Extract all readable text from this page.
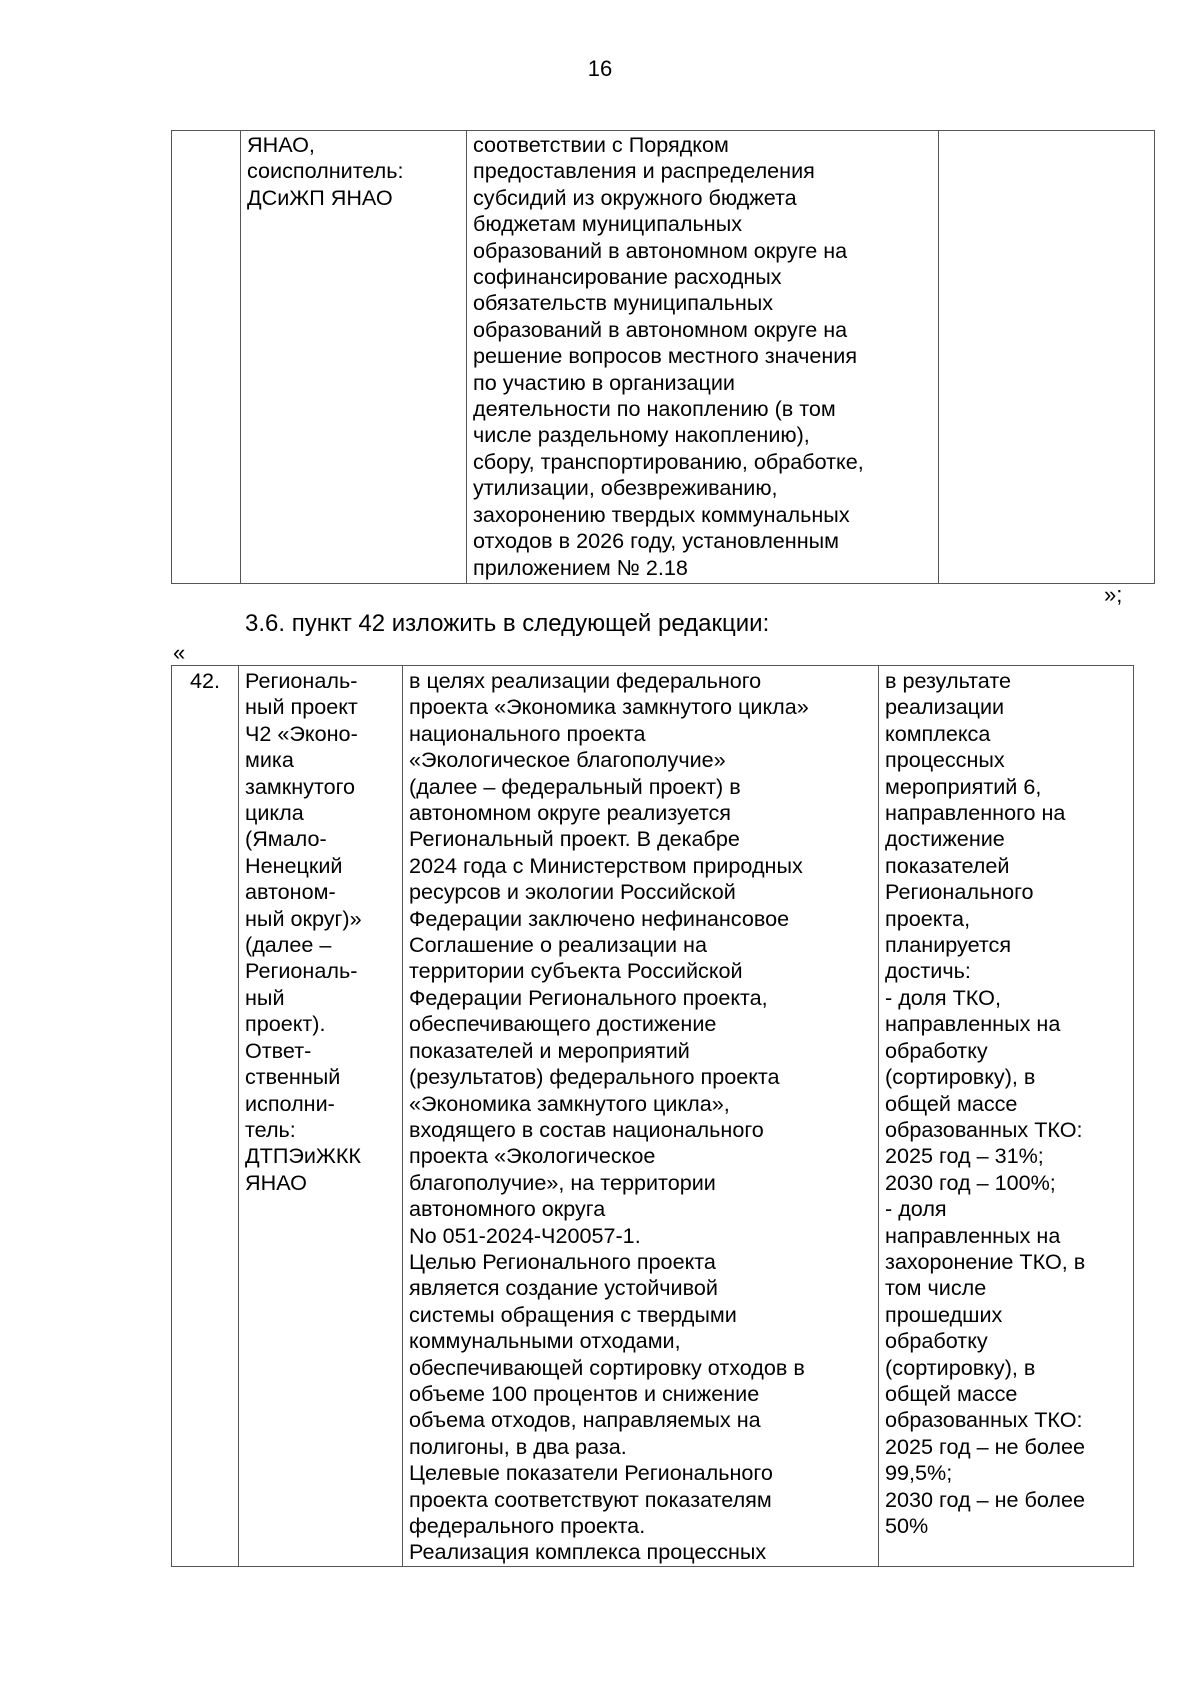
16

ЯНАО,
соисполнитель:
ДСиЖП ЯНАО

соответствии с Порядком
предоставления и распределения
субсидий из окружного бюджета
бюджетам муниципальных
образований в автономном округе на
софинансирование расходных
обязательств муниципальных
образований в автономном округе на
решение вопросов местного значения
по участию в организации
деятельности по накоплению (в том
числе раздельному накоплению),
сбору, транспортированию, обработке,
утилизации, обезвреживанию,
захоронению твердых коммунальных
отходов в 2026 году, установленным
приложением № 2.18

»;
3.6. пункт 42 изложить в следующей редакции:
«
42.	Региональ-
ный проект
Ч2 «Эконо-
мика
замкнутого
цикла
(Ямало-
Ненецкий
автоном-
ный округ)»
(далее –
Региональ-
ный
проект).
Ответ-
ственный
исполни-
тель:
ДТПЭиЖКК
ЯНАО

в целях реализации федерального
проекта «Экономика замкнутого цикла»
национального проекта
«Экологическое благополучие»
(далее – федеральный проект) в
автономном округе реализуется
Региональный проект. В декабре
2024 года с Министерством природных
ресурсов и экологии Российской
Федерации заключено нефинансовое
Соглашение о реализации на
территории субъекта Российской
Федерации Регионального проекта,
обеспечивающего достижение
показателей и мероприятий
(результатов) федерального проекта
«Экономика замкнутого цикла»,
входящего в состав национального
проекта «Экологическое
благополучие», на территории
автономного округа
No 051-2024-Ч20057-1.
Целью Регионального проекта
является создание устойчивой
системы обращения с твердыми
коммунальными отходами,
обеспечивающей сортировку отходов в
объеме 100 процентов и снижение
объема отходов, направляемых на
полигоны, в два раза.
Целевые показатели Регионального
проекта соответствуют показателям
федерального проекта.
Реализация комплекса процессных

в результате
реализации
комплекса
процессных
мероприятий 6,
направленного на
достижение
показателей
Регионального
проекта,
планируется
достичь:
- доля ТКО,
направленных на
обработку
(сортировку), в
общей массе
образованных ТКО:
2025 год – 31%;
2030 год – 100%;
- доля
направленных на
захоронение ТКО, в
том числе
прошедших
обработку
(сортировку), в
общей массе
образованных ТКО:
2025 год – не более
99,5%;
2030 год – не более
50%
